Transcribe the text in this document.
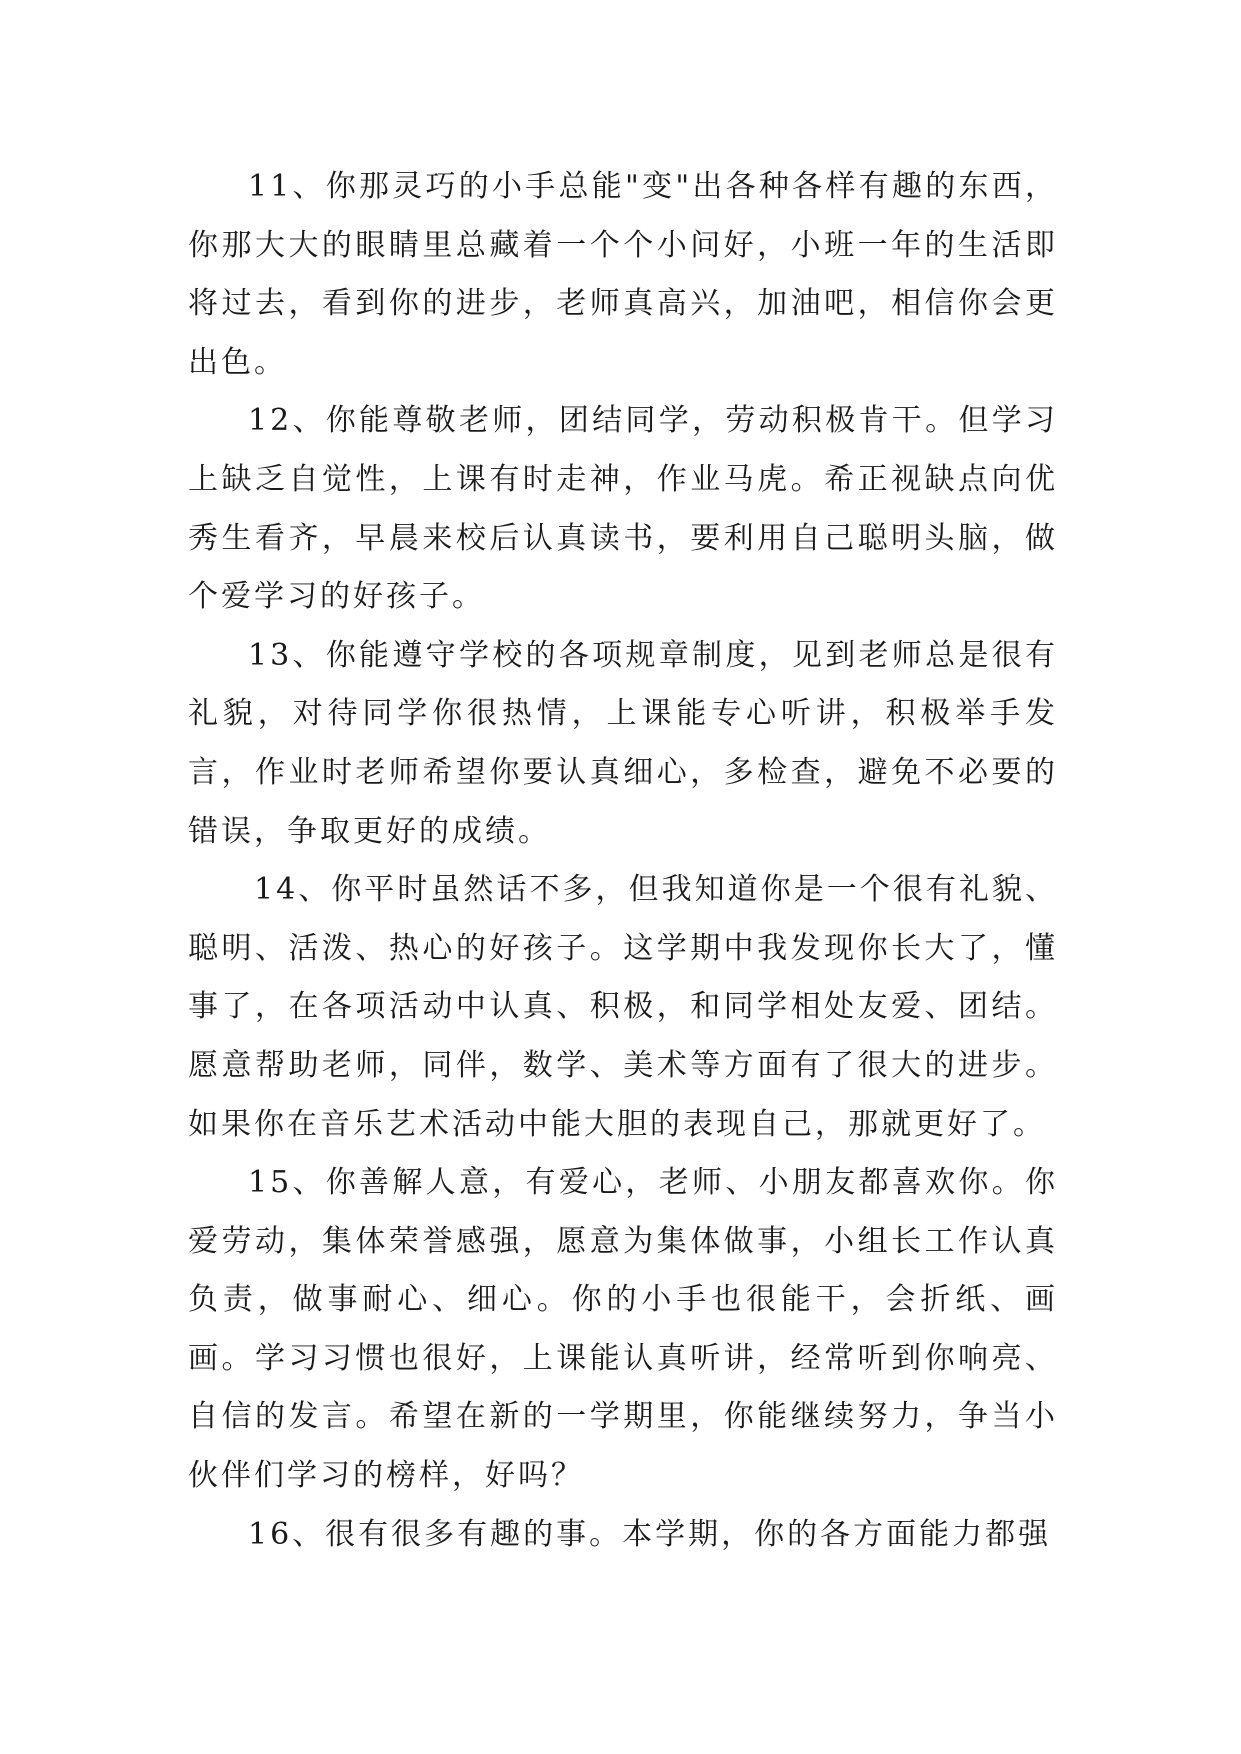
11、你那灵巧的小手总能"变"出各种各样有趣的东西，你那大大的眼睛里总藏着一个个小问好，小班一年的生活即将过去，看到你的进步，老师真高兴，加油吧，相信你会更出色。

12、你能尊敬老师，团结同学，劳动积极肯干。但学习上缺乏自觉性，上课有时走神，作业马虎。希正视缺点向优秀生看齐，早晨来校后认真读书，要利用自己聪明头脑，做个爱学习的好孩子。

13、你能遵守学校的各项规章制度，见到老师总是很有礼貌，对待同学你很热情，上课能专心听讲，积极举手发言，作业时老师希望你要认真细心，多检查，避免不必要的错误，争取更好的成绩。

14、你平时虽然话不多，但我知道你是一个很有礼貌、聪明、活泼、热心的好孩子。这学期中我发现你长大了，懂事了，在各项活动中认真、积极，和同学相处友爱、团结。愿意帮助老师，同伴，数学、美术等方面有了很大的进步。如果你在音乐艺术活动中能大胆的表现自己，那就更好了。

15、你善解人意，有爱心，老师、小朋友都喜欢你。你爱劳动，集体荣誉感强，愿意为集体做事，小组长工作认真负责，做事耐心、细心。你的小手也很能干，会折纸、画画。学习习惯也很好，上课能认真听讲，经常听到你响亮、自信的发言。希望在新的一学期里，你能继续努力，争当小伙伴们学习的榜样，好吗？

16、很有很多有趣的事。本学期，你的各方面能力都强
